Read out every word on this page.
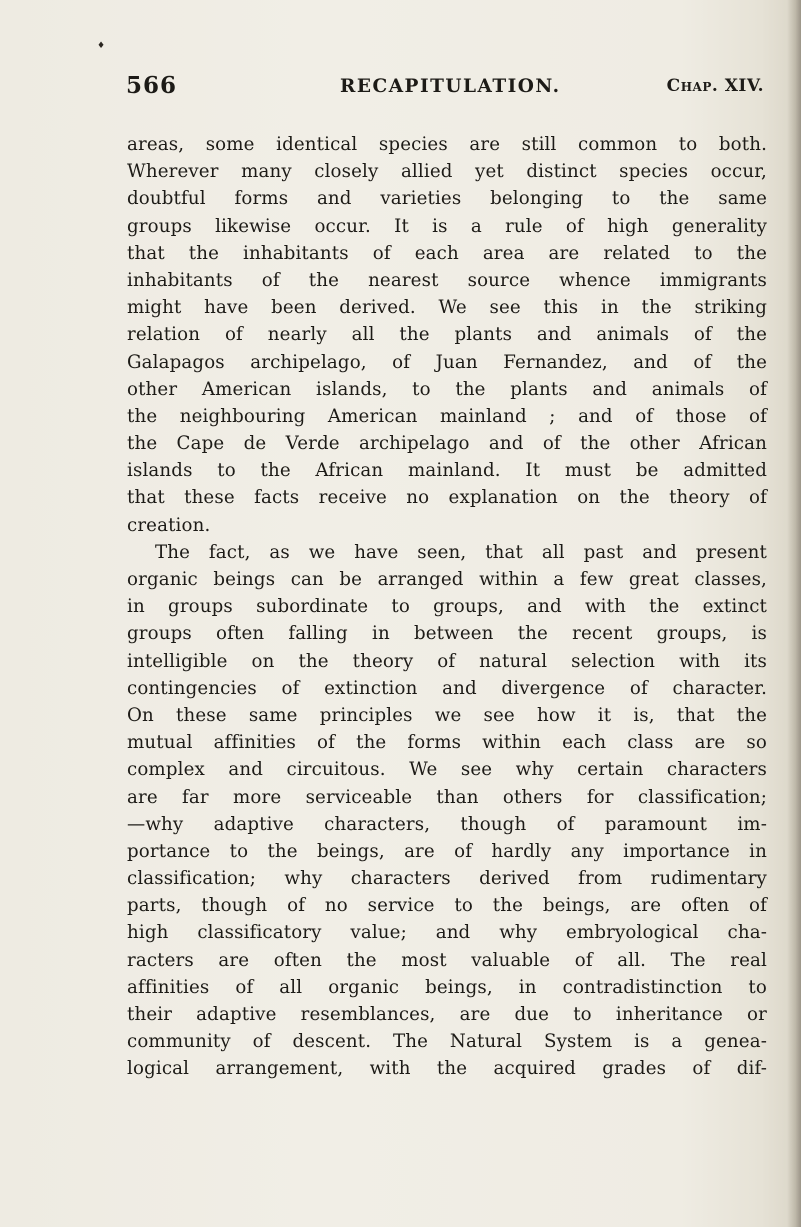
♦
566	RECAPITULATION.	Chap. XIV.
areas, some identical species are still common to both.
Wherever many closely allied yet distinct species occur,
doubtful forms and varieties belonging to the same
groups likewise occur. It is a rule of high generality
that the inhabitants of each area are related to the
inhabitants of the nearest source whence immigrants
might have been derived. We see this in the striking
relation of nearly all the plants and animals of the
Galapagos archipelago, of Juan Fernandez, and of the
other American islands, to the plants and animals of
the neighbouring American mainland ; and of those of
the Cape de Verde archipelago and of the other African
islands to the African mainland. It must be admitted
that these facts receive no explanation on the theory of
creation.
The fact, as we have seen, that all past and present
organic beings can be arranged within a few great classes,
in groups subordinate to groups, and with the extinct
groups often falling in between the recent groups, is
intelligible on the theory of natural selection with its
contingencies of extinction and divergence of character.
On these same principles we see how it is, that the
mutual affinities of the forms within each class are so
complex and circuitous. We see why certain characters
are far more serviceable than others for classification;
—why adaptive characters, though of paramount im-
portance to the beings, are of hardly any importance in
classification; why characters derived from rudimentary
parts, though of no service to the beings, are often of
high classificatory value; and why embryological cha-
racters are often the most valuable of all. The real
affinities of all organic beings, in contradistinction to
their adaptive resemblances, are due to inheritance or
community of descent. The Natural System is a genea-
logical arrangement, with the acquired grades of dif-
